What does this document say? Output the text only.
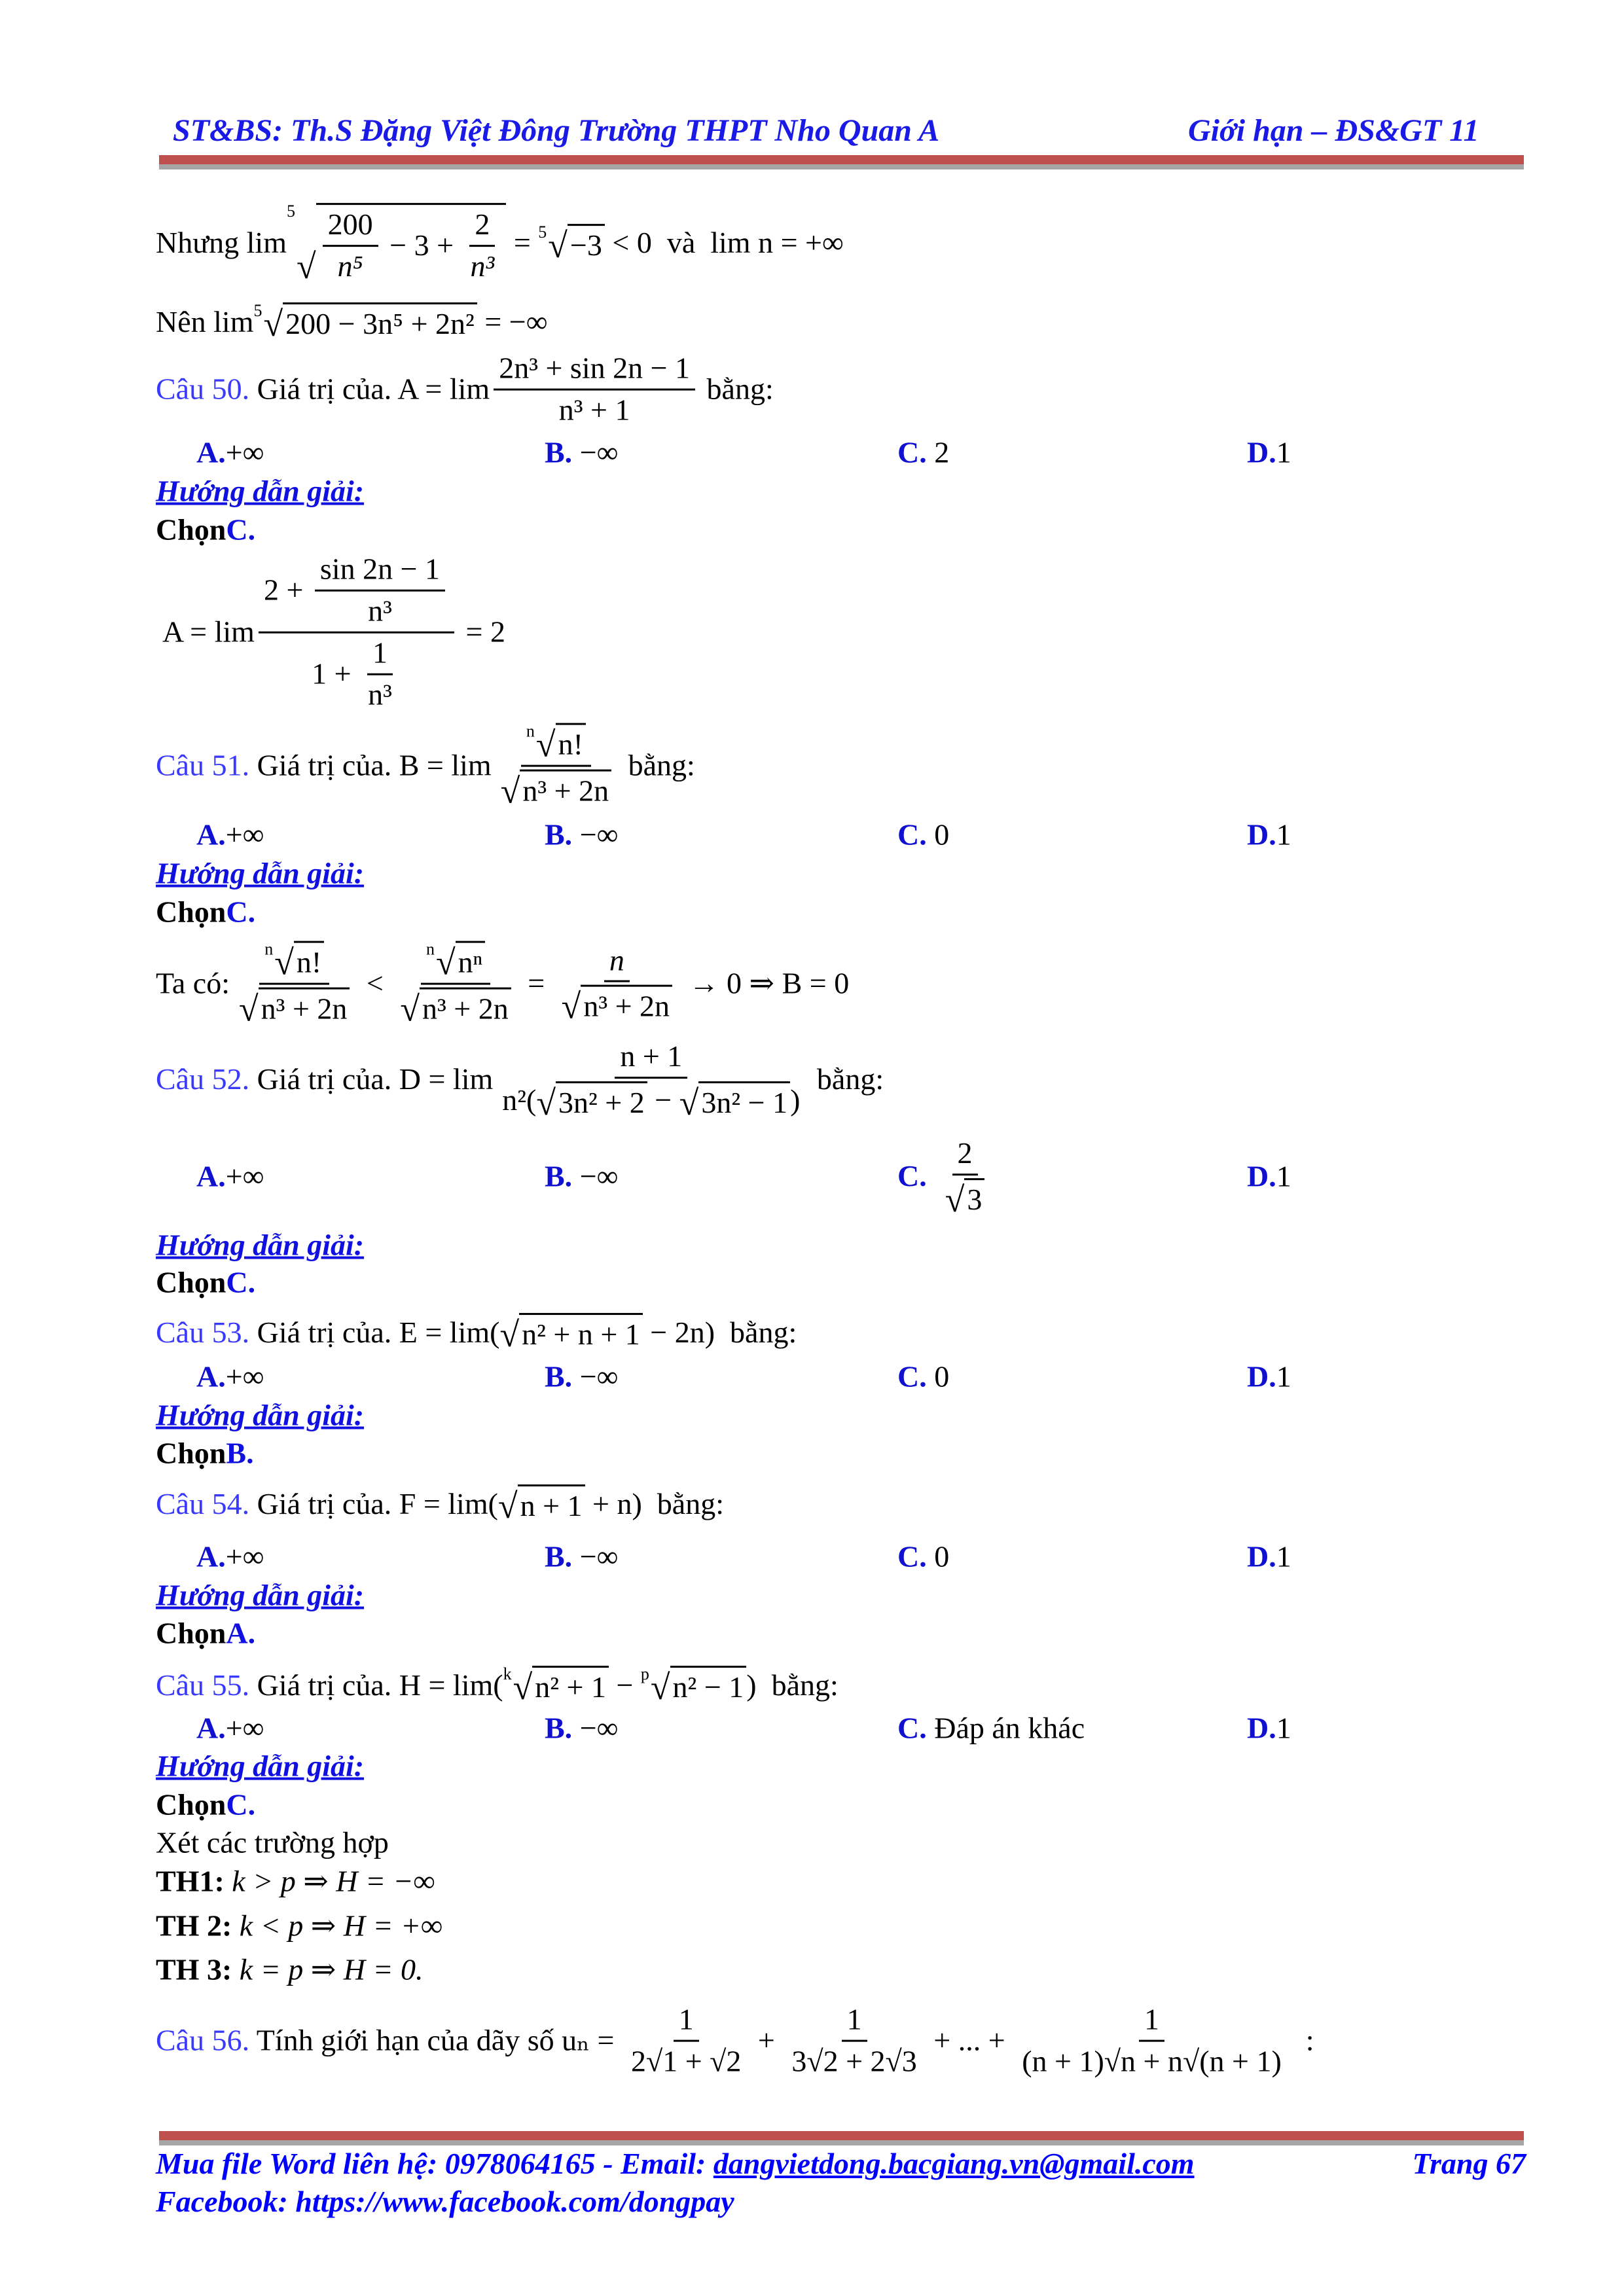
ST&BS: Th.S Đặng Việt Đông Trường THPT Nho Quan A	Giới hạn – ĐS&GT 11
Nhưng lim
5
√ $\frac{200}{\text{n⁵}} - 3 + \frac{2}{\text{n³}} = 5$ √ −3 < 0  và  lim n = +∞
Nên lim 5 √ 200 − 3n⁵ + 2n² = −∞
Câu 50.
Giá trị của. $A = \lim \frac{\text{2n³ + sin 2n − 1}}{\text{n³ + 1}}$
bằng:
A. +∞	B. −∞	C. 2	D. 1
Hướng dẫn giải:
Chọn C.
$A = \lim \frac{2 + \frac{\sin 2n - 1}{\text{n³}}}{1 + \frac{1}{\text{n³}}} = 2$
Câu 51.
Giá trị của. $B = \lim \frac{n √ n!}{\text{√ n³ + 2n}}$
bằng:
A. +∞	B. −∞	C. 0	D. 1
Hướng dẫn giải:
Chọn C.
Ta có: $\frac{n √ n!}{\text{√ n³ + 2n}} < \frac{\text{n √ nⁿ}}{\text{√ n³ + 2n}} = \frac{n}{\text{√ n³ + 2n}} \to 0$ ⇒ B = 0
Câu 52.
Giá trị của. $D = \lim \frac{n + 1}{\text{n²( √ 3n² + 2 − √ 3n² − 1 )}}$
bằng:
A. +∞	B. −∞	C. $\frac{2}{√ 3}$	D. 1
Hướng dẫn giải:
Chọn C.
Câu 53.
Giá trị của. E = lim( √ n² + n + 1 − 2n)
bằng:
A. +∞	B. −∞	C. 0	D. 1
Hướng dẫn giải:
Chọn B.
Câu 54.
Giá trị của. F = lim( √ n + 1 + n)
bằng:
A. +∞	B. −∞	C. 0	D. 1
Hướng dẫn giải:
Chọn A.
Câu 55.
Giá trị của. H = lim( k √ n² + 1 − p √ n² − 1 )
bằng:
A. +∞	B. −∞	C. Đáp án khác	D. 1
Hướng dẫn giải:
Chọn C.
Xét các trường hợp
TH1: k > p ⇒ H = −∞
TH 2: k < p ⇒ H = +∞
TH 3: k = p ⇒ H = 0.
Câu 56. Tính giới hạn của dãy số $u_n = \frac{1}{2√1 + √2} + \frac{1}{3√2 + 2√3}$ + ... + $\frac{1}{(n + 1)√n + n√(n + 1)}$ :
Mua file Word liên hệ: 0978064165 - Email: dangvietdong.bacgiang.vn@gmail.com	Trang 67
Facebook: https://www.facebook.com/dongpay
